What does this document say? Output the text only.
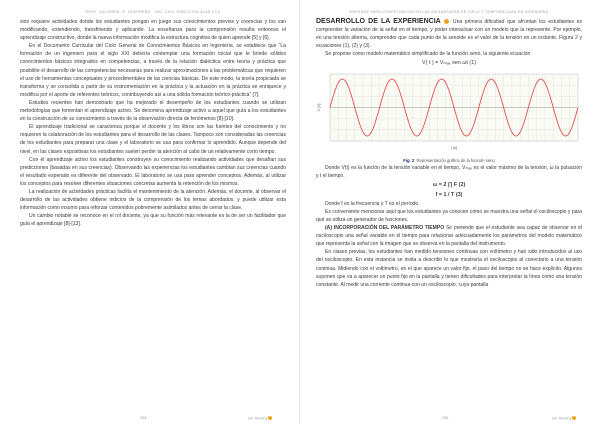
PROF. VALVERDE, E. GUERRERO · ING. CIVIL DIRECCIÓN ALAS CCA

sión requiere actividades donde los estudiantes pongan en juego sus conocimientos previos y creencias y los van modificando, extendiendo, transfiriendo y aplicando. La enseñanza para la comprensión resulta entonces el aprendizaje constructivo, donde la nueva información modifica la estructura cognitiva de quien aprende [5] y [6].

En el Documento Curricular del Ciclo General de Conocimientos Básicos en Ingeniería, se establece que “La formación de un ingeniero para el siglo XXI debería contemplar una formación inicial que le brinde sólidos conocimientos básicos integrados en competencias, a través de la relación dialéctica entre teoría y práctica que posibilite el desarrollo de las competencias necesarias para realizar aproximaciones a las problemáticas que requieren el uso de herramientas conceptuales y procedimentales de las ciencias básicas. De este modo, la teoría propiciada se transforma y se consolida a partir de su instrumentación en la práctica y la actuación en la práctica se enriquece y modifica por el aporte de referentes teóricos, contribuyendo así a una sólida formación teórico-práctica” [7].

Estudios recientes han demostrado que ha mejorado el desempeño de los estudiantes cuando se utilizan metodologías que fomentan el aprendizaje activo. Se denomina aprendizaje activo a aquel que guía a los estudiantes en la construcción de su conocimiento a través de la observación directa de fenómenos [8]-[10].

El aprendizaje tradicional se caracteriza porque el docente y los libros son las fuentes del conocimiento y no requieren la colaboración de los estudiantes para el desarrollo de las clases. Tampoco son consideradas las creencias de los estudiantes para preparar una clase y el laboratorio se usa para confirmar lo aprendido. Aunque depende del nivel, en las clases expositivas los estudiantes suelen perder la atención al cabo de un relativamente corto tiempo.

Con el aprendizaje activo los estudiantes construyen su conocimiento realizando actividades que desafían sus predicciones (basadas en sus creencias). Observando las experiencias los estudiantes cambian sus creencias cuando el resultado esperado es diferente del observado. El laboratorio se usa para aprender conceptos. Además, al utilizar los conceptos para resolver diferentes situaciones concretas aumenta la retención de los mismos.

La realización de actividades prácticas facilita el mantenimiento de la atención. Además, el docente, al observar el desarrollo de las actividades obtiene indicios de la comprensión de los temas abordados, y puede utilizar esta información como insumo para reforzar contenidos pobremente asimilados antes de cerrar la clase.

Un cambio notable se reconoce en el rol docente, ya que su función más relevante es la de ser un facilitador que guía el aprendizaje [8]-[13].

204	ino Tecnica
ENFOQUE PARA COMPETENCIAS EN LAS ASIGNATURAS DE CIELO Y TEMPORALIDAD EN INGENIERÍA

DESARROLLO DE LA EXPERIENCIA Una primera dificultad que afrontan los estudiantes es comprender la variación de la señal en el tiempo, y poder interactuar con un modelo que la represente. Por ejemplo, en una tensión alterna, comprender que cada punto de la senoide es el valor de la tensión en un instante. Figura 2 y ecuaciones (1), (2) y (3).

Se propone como modelo matemático simplificado de la función seno, la siguiente ecuación

V( t ) = Vₘₐₓ sen ωt (1)
V [V]
t [s]
Fig. 2: Representación gráfica de la función seno

Donde V(t) es la función de la tensión variable en el tiempo, Vₘₐₓ es el valor máximo de la tensión, ω la pulsación y t el tiempo.

ω = 2 ∏ F (2)
f = 1 / T (3)

Donde f es la frecuencia y T es el período.

Es conveniente mencionar aquí que los estudiantes ya conocen cómo se muestra una señal el osciloscopio y para qué se utiliza un generador de funciones.

(A) INCORPORACIÓN DEL PARÁMETRO TIEMPO Se pretende que el estudiante sea capaz de observar en el osciloscopio una señal variable en el tiempo para relacionar adecuadamente los parámetros del modelo matemático que representa la señal con la imagen que se observa en la pantalla del instrumento.

En clases previas, los estudiantes han medido tensiones continuas con voltímetro y han sido introducidos al uso del osciloscopio. En esta instancia se invita a describir lo que mostraría el osciloscopio al conectarlo a una tensión continua. Midiendo con el voltímetro, en el que aparece un valor fijo, el paso del tiempo no se hace explícito. Algunos suponen que va a aparecer un punto fijo en la pantalla y tienen dificultades para interpretar la línea como una tensión constante. Al medir una corriente continua con un osciloscopio, cuya pantalla

205	ino Tecnica
